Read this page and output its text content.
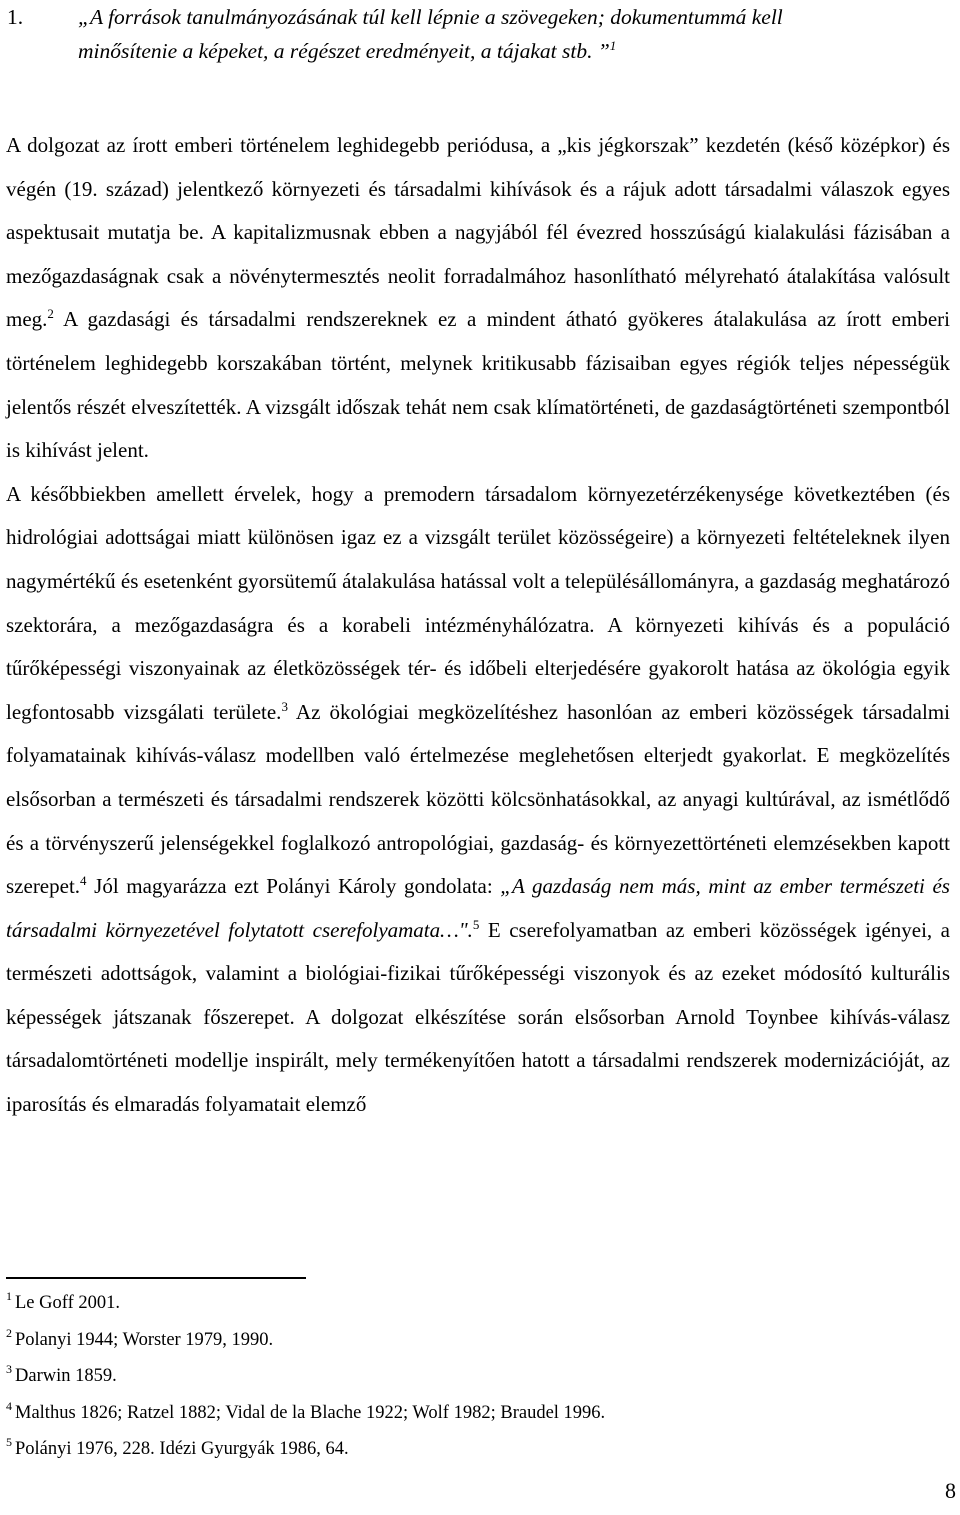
1.	„A források tanulmányozásának túl kell lépnie a szövegeken; dokumentummá kell
minősítenie a képeket, a régészet eredményeit, a tájakat stb. ”$^1$

A dolgozat az írott emberi történelem leghidegebb periódusa, a „kis jégkorszak” kezdetén (késő középkor) és végén (19. század) jelentkező környezeti és társadalmi kihívások és a rájuk adott társadalmi válaszok egyes aspektusait mutatja be. A kapitalizmusnak ebben a nagyjából fél évezred hosszúságú kialakulási fázisában a mezőgazdaságnak csak a növénytermesztés neolit forradalmához hasonlítható mélyreható átalakítása valósult meg.$^2$ A gazdasági és társadalmi rendszereknek ez a mindent átható gyökeres átalakulása az írott emberi történelem leghidegebb korszakában történt, melynek kritikusabb fázisaiban egyes régiók teljes népességük jelentős részét elveszítették. A vizsgált időszak tehát nem csak klímatörténeti, de gazdaságtörténeti szempontból is kihívást jelent.

A későbbiekben amellett érvelek, hogy a premodern társadalom környezetérzékenysége következtében (és hidrológiai adottságai miatt különösen igaz ez a vizsgált terület közösségeire) a környezeti feltételeknek ilyen nagymértékű és esetenként gyorsütemű átalakulása hatással volt a településállományra, a gazdaság meghatározó szektorára, a mezőgazdaságra és a korabeli intézményhálózatra. A környezeti kihívás és a populáció tűrőképességi viszonyainak az életközösségek tér- és időbeli elterjedésére gyakorolt hatása az ökológia egyik legfontosabb vizsgálati területe.$^3$ Az ökológiai megközelítéshez hasonlóan az emberi közösségek társadalmi folyamatainak kihívás-válasz modellben való értelmezése meglehetősen elterjedt gyakorlat. E megközelítés elsősorban a természeti és társadalmi rendszerek közötti kölcsönhatásokkal, az anyagi kultúrával, az ismétlődő és a törvényszerű jelenségekkel foglalkozó antropológiai, gazdaság- és környezettörténeti elemzésekben kapott szerepet.$^4$ Jól magyarázza ezt Polányi Károly gondolata: „A gazdaság nem más, mint az ember természeti és társadalmi környezetével folytatott cserefolyamata…".$^5$ E cserefolyamatban az emberi közösségek igényei, a természeti adottságok, valamint a biológiai-fizikai tűrőképességi viszonyok és az ezeket módosító kulturális képességek játszanak főszerepet. A dolgozat elkészítése során elsősorban Arnold Toynbee kihívás-válasz társadalomtörténeti modellje inspirált, mely termékenyítően hatott a társadalmi rendszerek modernizációját, az iparosítás és elmaradás folyamatait elemző

$^1$ Le Goff 2001.
$^2$ Polanyi 1944; Worster 1979, 1990.
$^3$ Darwin 1859.
$^4$ Malthus 1826; Ratzel 1882; Vidal de la Blache 1922; Wolf 1982; Braudel 1996.
$^5$ Polányi 1976, 228. Idézi Gyurgyák 1986, 64.
8
